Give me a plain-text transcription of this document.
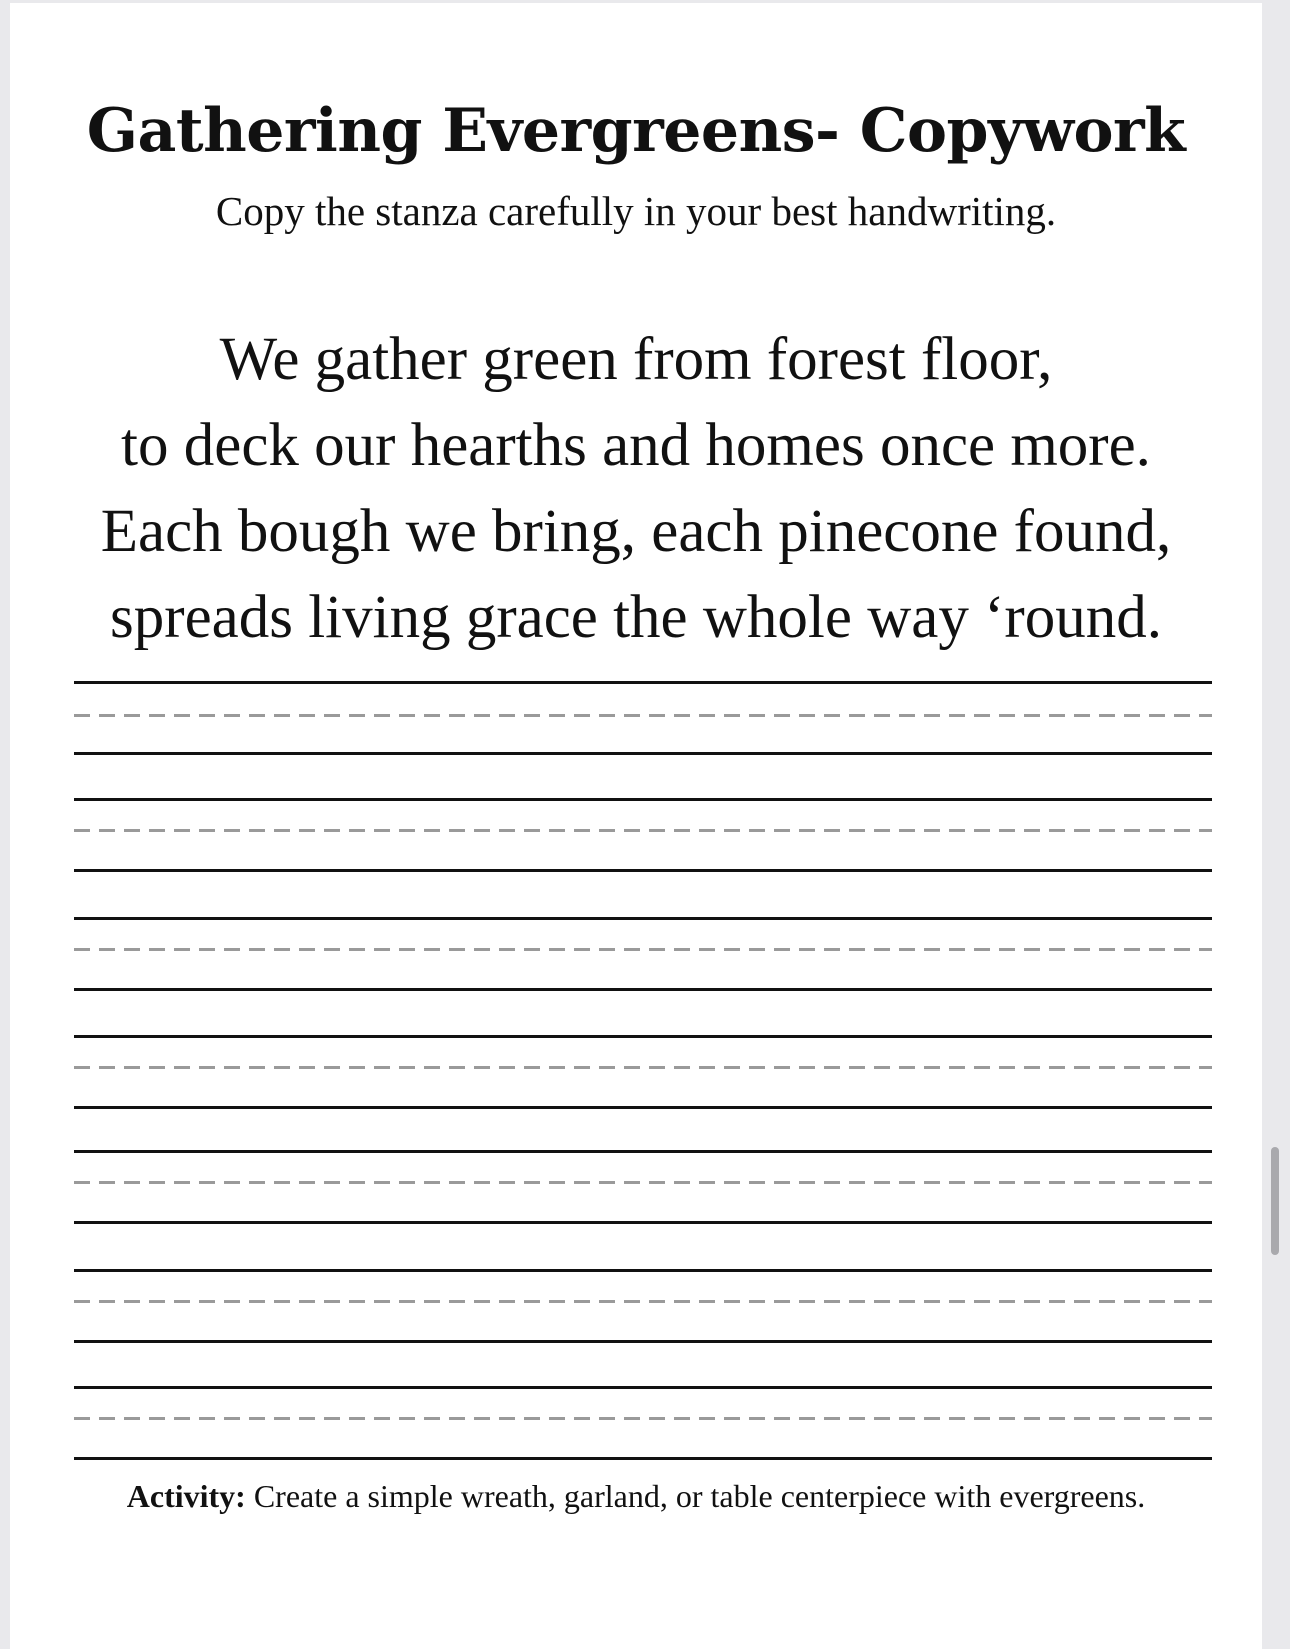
Gathering Evergreens- Copywork

Copy the stanza carefully in your best handwriting.

We gather green from forest floor,
to deck our hearths and homes once more.
Each bough we bring, each pinecone found,
spreads living grace the whole way ‘round.

Activity: Create a simple wreath, garland, or table centerpiece with evergreens.
